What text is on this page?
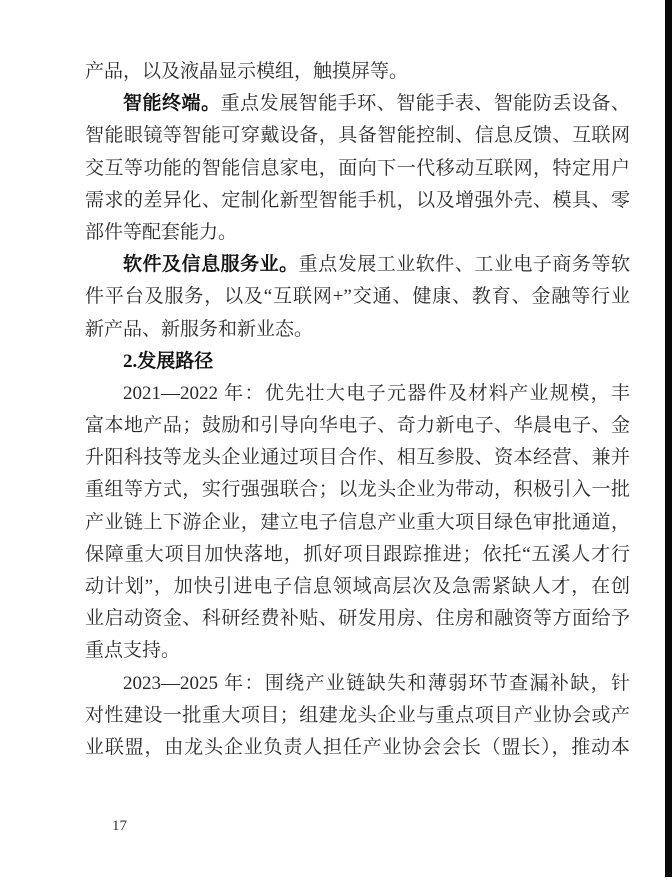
产品，以及液晶显示模组，触摸屏等。
智能终端。重点发展智能手环、智能手表、智能防丢设备、
智能眼镜等智能可穿戴设备，具备智能控制、信息反馈、互联网
交互等功能的智能信息家电，面向下一代移动互联网，特定用户
需求的差异化、定制化新型智能手机，以及增强外壳、模具、零
部件等配套能力。
软件及信息服务业。重点发展工业软件、工业电子商务等软
件平台及服务，以及“互联网+”交通、健康、教育、金融等行业
新产品、新服务和新业态。
2.发展路径
2021—2022 年：优先壮大电子元器件及材料产业规模，丰
富本地产品；鼓励和引导向华电子、奇力新电子、华晨电子、金
升阳科技等龙头企业通过项目合作、相互参股、资本经营、兼并
重组等方式，实行强强联合；以龙头企业为带动，积极引入一批
产业链上下游企业，建立电子信息产业重大项目绿色审批通道，
保障重大项目加快落地，抓好项目跟踪推进；依托“五溪人才行
动计划”，加快引进电子信息领域高层次及急需紧缺人才，在创
业启动资金、科研经费补贴、研发用房、住房和融资等方面给予
重点支持。
2023—2025 年：围绕产业链缺失和薄弱环节查漏补缺，针
对性建设一批重大项目；组建龙头企业与重点项目产业协会或产
业联盟，由龙头企业负责人担任产业协会会长（盟长），推动本
17
